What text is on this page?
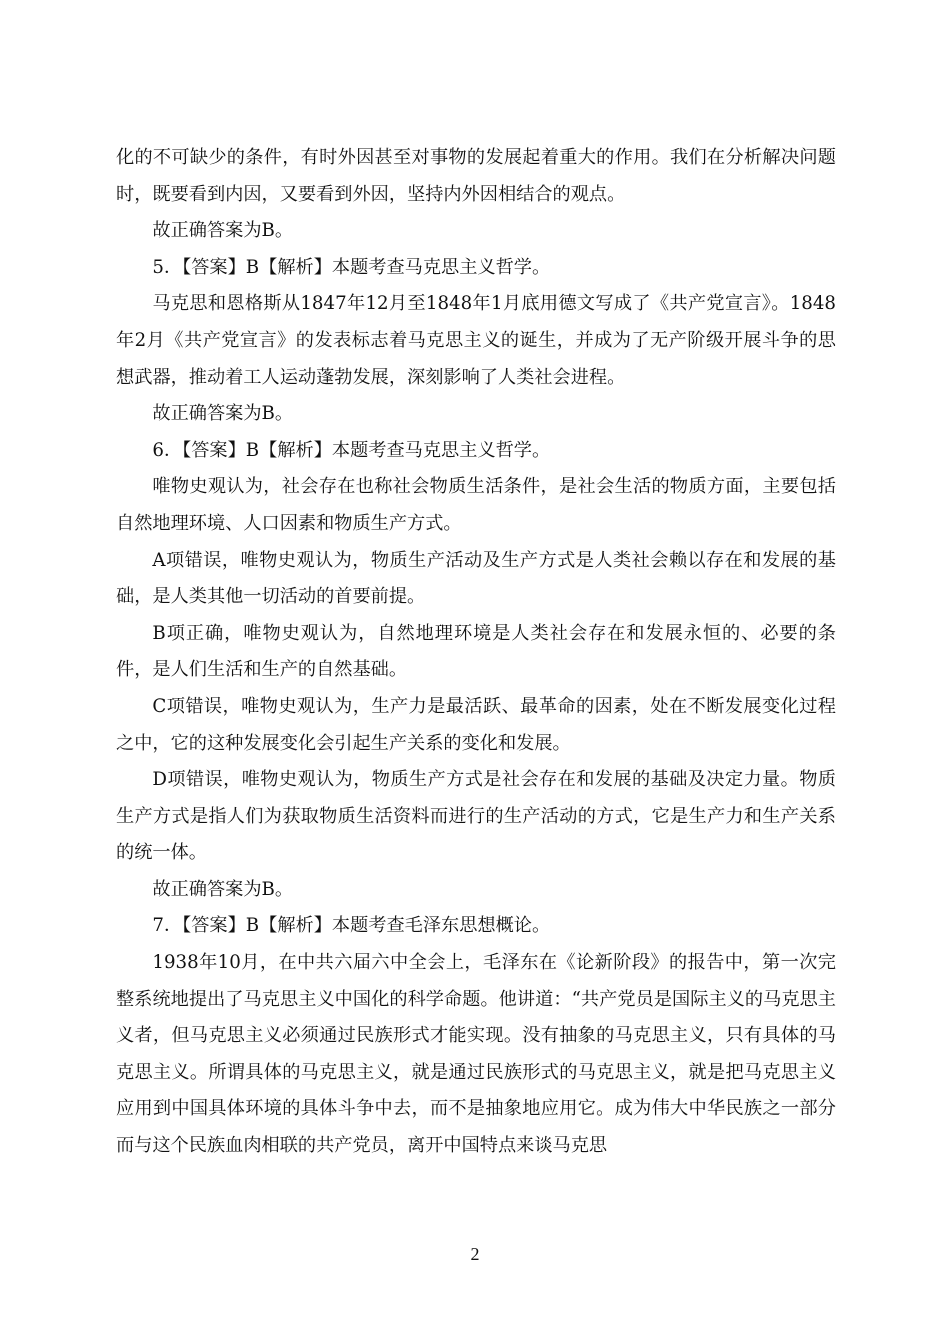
化的不可缺少的条件，有时外因甚至对事物的发展起着重大的作用。我们在分析解决问题时，既要看到内因，又要看到外因，坚持内外因相结合的观点。

故正确答案为B。

5．【答案】B【解析】本题考查马克思主义哲学。

马克思和恩格斯从1847年12月至1848年1月底用德文写成了《共产党宣言》。1848年2月《共产党宣言》的发表标志着马克思主义的诞生，并成为了无产阶级开展斗争的思想武器，推动着工人运动蓬勃发展，深刻影响了人类社会进程。

故正确答案为B。

6．【答案】B【解析】本题考查马克思主义哲学。

唯物史观认为，社会存在也称社会物质生活条件，是社会生活的物质方面，主要包括自然地理环境、人口因素和物质生产方式。

A项错误，唯物史观认为，物质生产活动及生产方式是人类社会赖以存在和发展的基础，是人类其他一切活动的首要前提。

B项正确，唯物史观认为，自然地理环境是人类社会存在和发展永恒的、必要的条件，是人们生活和生产的自然基础。

C项错误，唯物史观认为，生产力是最活跃、最革命的因素，处在不断发展变化过程之中，它的这种发展变化会引起生产关系的变化和发展。

D项错误，唯物史观认为，物质生产方式是社会存在和发展的基础及决定力量。物质生产方式是指人们为获取物质生活资料而进行的生产活动的方式，它是生产力和生产关系的统一体。

故正确答案为B。

7．【答案】B【解析】本题考查毛泽东思想概论。

1938年10月，在中共六届六中全会上，毛泽东在《论新阶段》的报告中，第一次完整系统地提出了马克思主义中国化的科学命题。他讲道：“共产党员是国际主义的马克思主义者，但马克思主义必须通过民族形式才能实现。没有抽象的马克思主义，只有具体的马克思主义。所谓具体的马克思主义，就是通过民族形式的马克思主义，就是把马克思主义应用到中国具体环境的具体斗争中去，而不是抽象地应用它。成为伟大中华民族之一部分而与这个民族血肉相联的共产党员，离开中国特点来谈马克思

2
